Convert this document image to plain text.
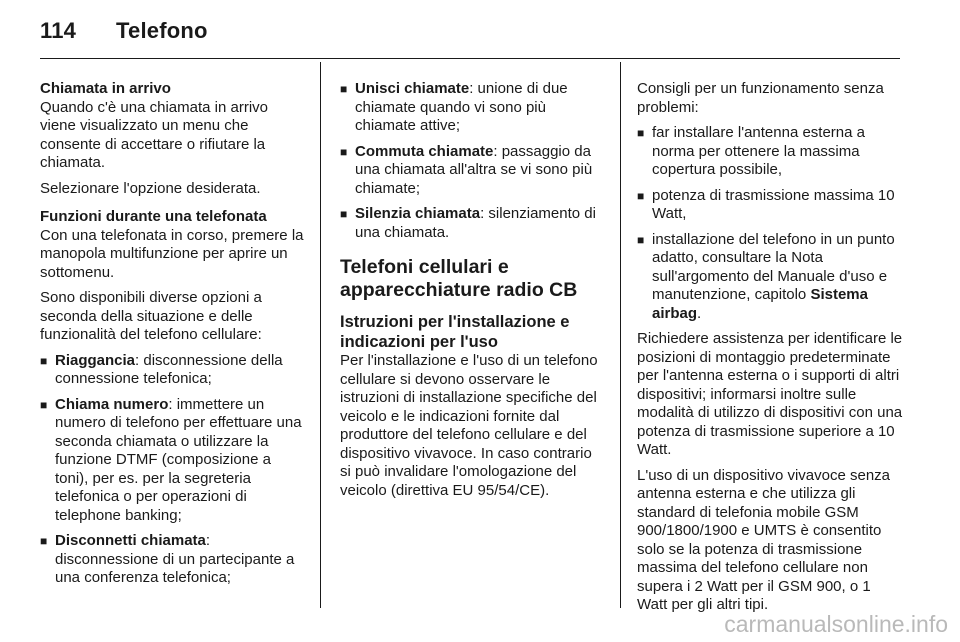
114 Telefono
Chiamata in arrivo

Quando c'è una chiamata in arrivo viene visualizzato un menu che consente di accettare o rifiutare la chiamata.

Selezionare l'opzione desiderata.

Funzioni durante una telefonata

Con una telefonata in corso, premere la manopola multifunzione per aprire un sottomenu.

Sono disponibili diverse opzioni a seconda della situazione e delle funzionalità del telefono cellulare:

■ Riaggancia: disconnessione della connessione telefonica;
■ Chiama numero: immettere un numero di telefono per effettuare una seconda chiamata o utilizzare la funzione DTMF (composizione a toni), per es. per la segreteria telefonica o per operazioni di telephone banking;
■ Disconnetti chiamata: disconnessione di un partecipante a una conferenza telefonica;
■ Unisci chiamate: unione di due chiamate quando vi sono più chiamate attive;
■ Commuta chiamate: passaggio da una chiamata all'altra se vi sono più chiamate;
■ Silenzia chiamata: silenziamento di una chiamata.
Telefoni cellulari e apparecchiature radio CB
Istruzioni per l'installazione e indicazioni per l'uso

Per l'installazione e l'uso di un telefono cellulare si devono osservare le istruzioni di installazione specifiche del veicolo e le indicazioni fornite dal produttore del telefono cellulare e del dispositivo vivavoce. In caso contrario si può invalidare l'omologazione del veicolo (direttiva EU 95/54/CE).

Consigli per un funzionamento senza problemi:

■ far installare l'antenna esterna a norma per ottenere la massima copertura possibile,
■ potenza di trasmissione massima 10 Watt,
■ installazione del telefono in un punto adatto, consultare la Nota sull'argomento del Manuale d'uso e manutenzione, capitolo Sistema airbag.

Richiedere assistenza per identificare le posizioni di montaggio predeterminate per l'antenna esterna o i supporti di altri dispositivi; informarsi inoltre sulle modalità di utilizzo di dispositivi con una potenza di trasmissione superiore a 10 Watt.

L'uso di un dispositivo vivavoce senza antenna esterna e che utilizza gli standard di telefonia mobile GSM 900/1800/1900 e UMTS è consentito solo se la potenza di trasmissione massima del telefono cellulare non supera i 2 Watt per il GSM 900, o 1 Watt per gli altri tipi.

carmanualsonline.info
